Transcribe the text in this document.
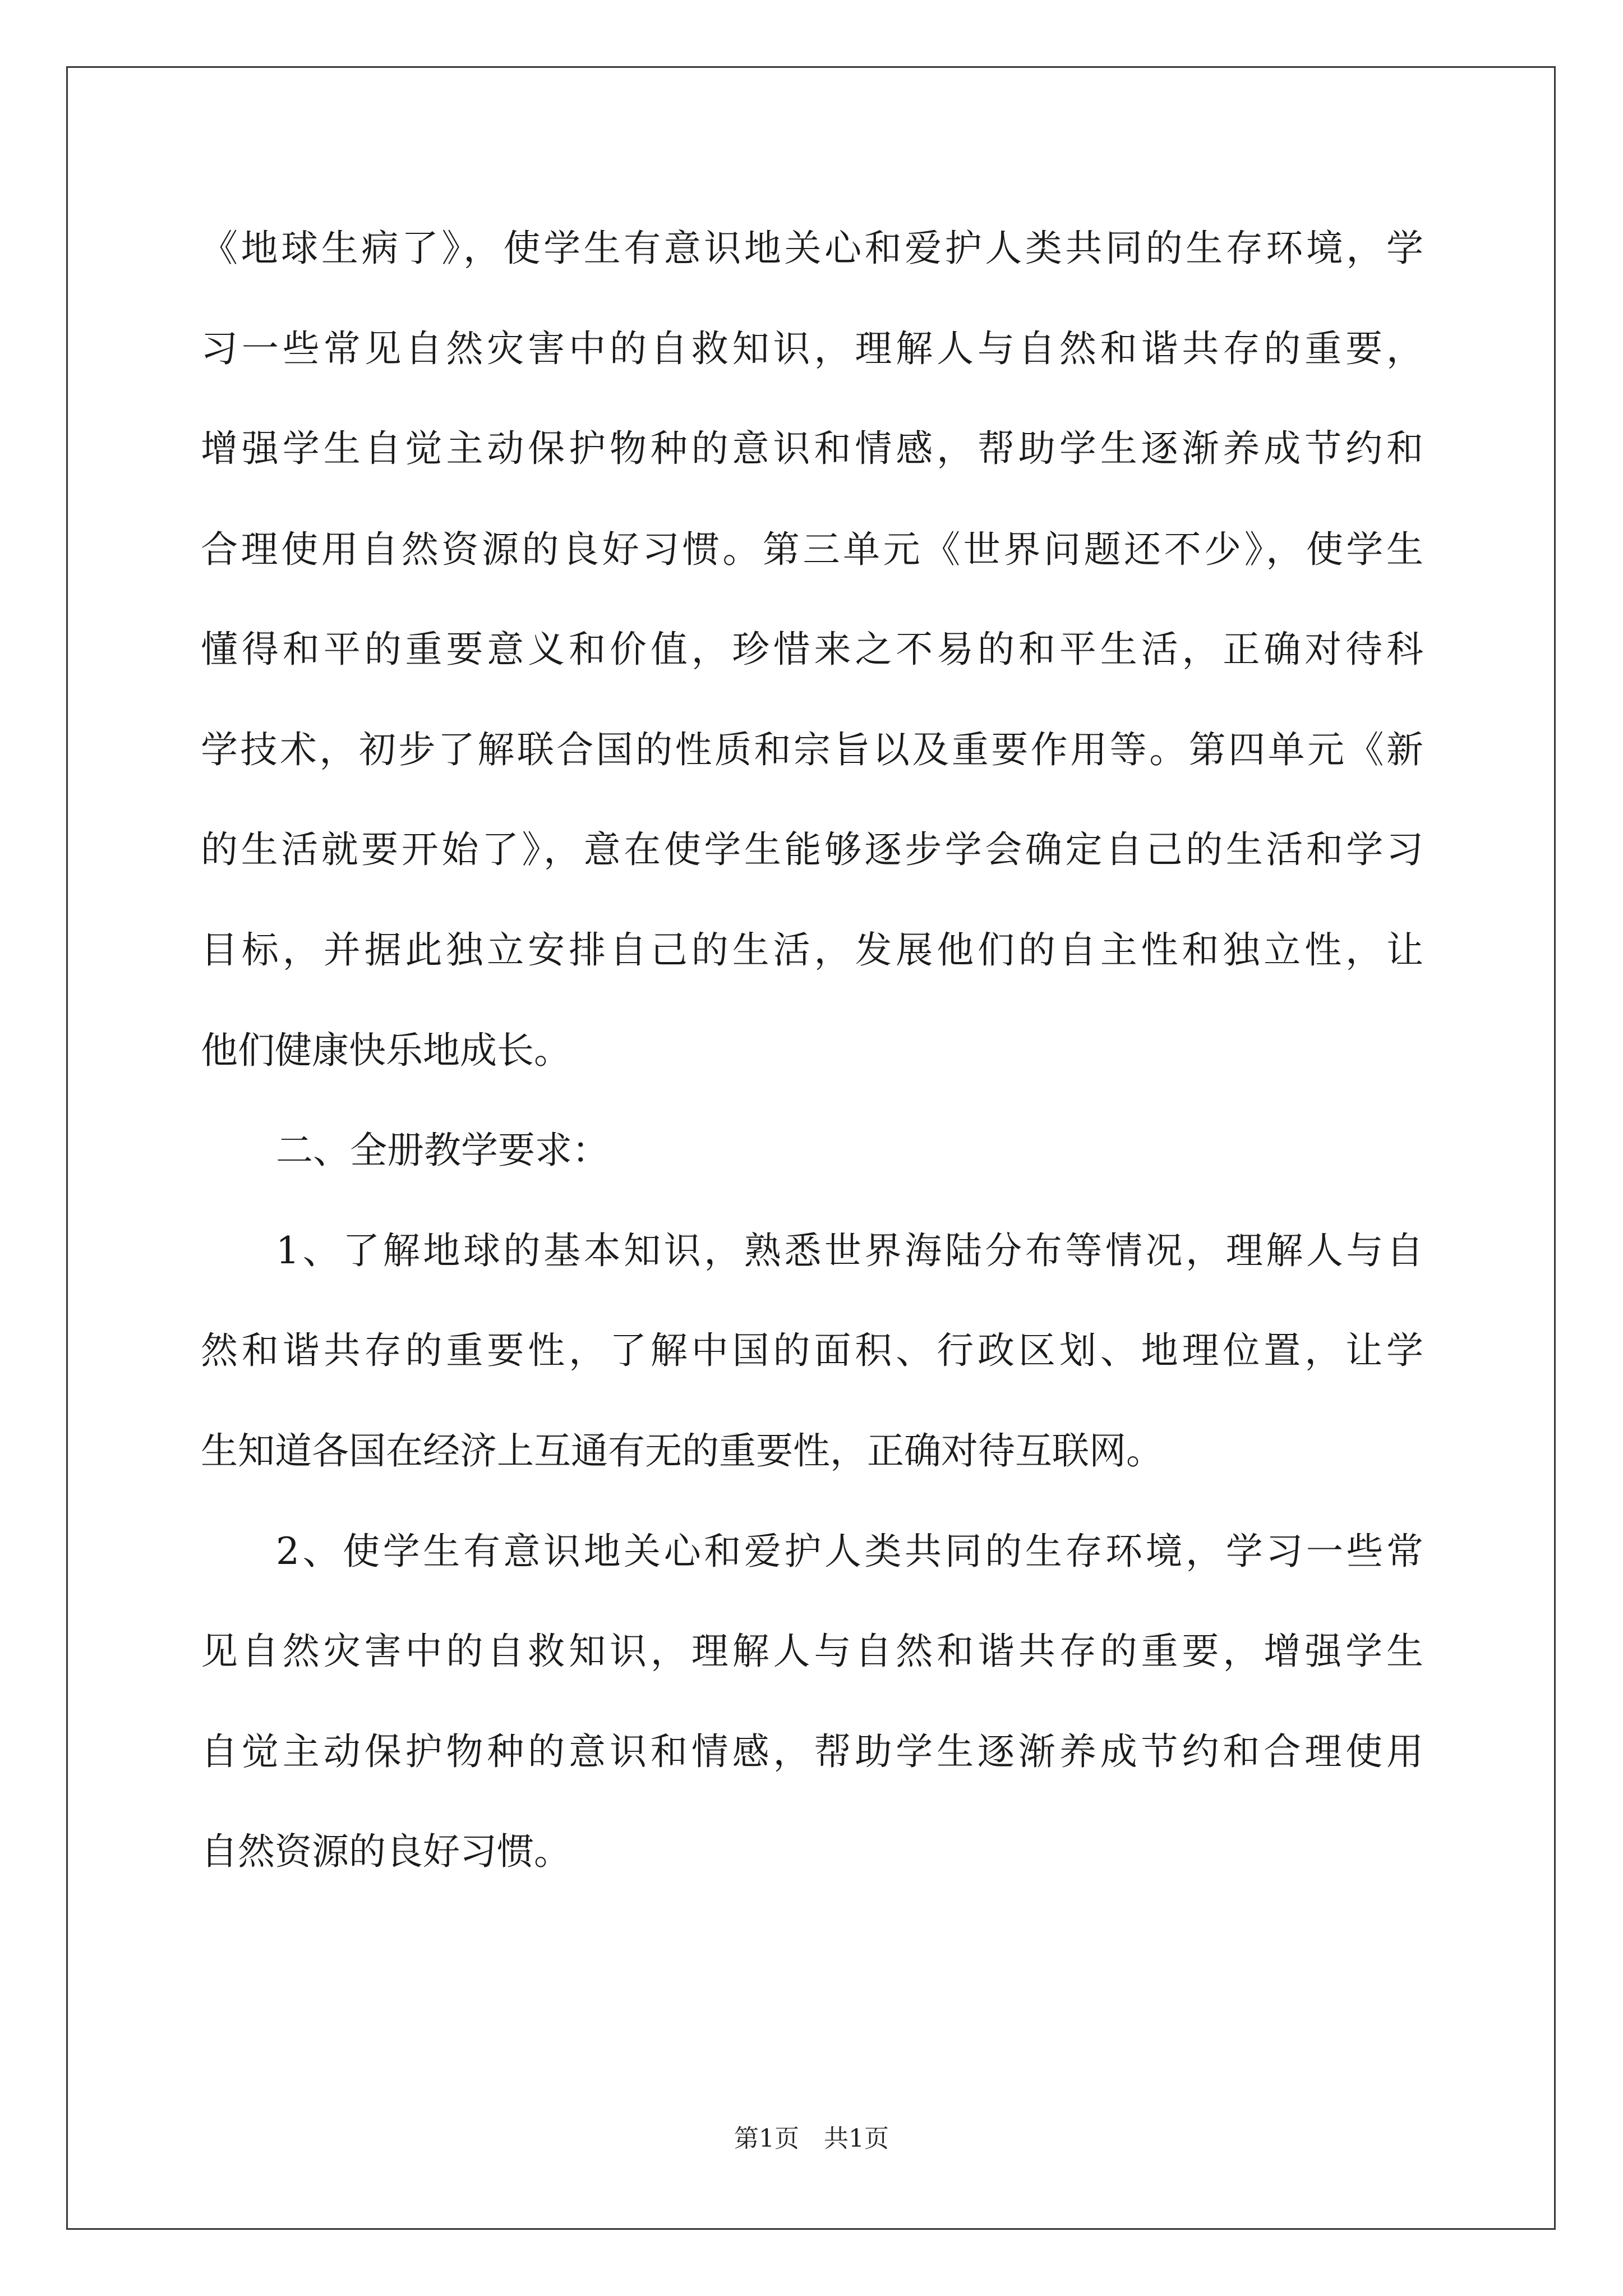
《地球生病了》，使学生有意识地关心和爱护人类共同的生存环境，学
习一些常见自然灾害中的自救知识，理解人与自然和谐共存的重要，
增强学生自觉主动保护物种的意识和情感，帮助学生逐渐养成节约和
合理使用自然资源的良好习惯。第三单元《世界问题还不少》，使学生
懂得和平的重要意义和价值，珍惜来之不易的和平生活，正确对待科
学技术，初步了解联合国的性质和宗旨以及重要作用等。第四单元《新
的生活就要开始了》，意在使学生能够逐步学会确定自己的生活和学习
目标，并据此独立安排自己的生活，发展他们的自主性和独立性，让
他们健康快乐地成长。
二、全册教学要求：
1、了解地球的基本知识，熟悉世界海陆分布等情况，理解人与自
然和谐共存的重要性，了解中国的面积、行政区划、地理位置，让学
生知道各国在经济上互通有无的重要性，正确对待互联网。
2、使学生有意识地关心和爱护人类共同的生存环境，学习一些常
见自然灾害中的自救知识，理解人与自然和谐共存的重要，增强学生
自觉主动保护物种的意识和情感，帮助学生逐渐养成节约和合理使用
自然资源的良好习惯。
第1页　共1页
